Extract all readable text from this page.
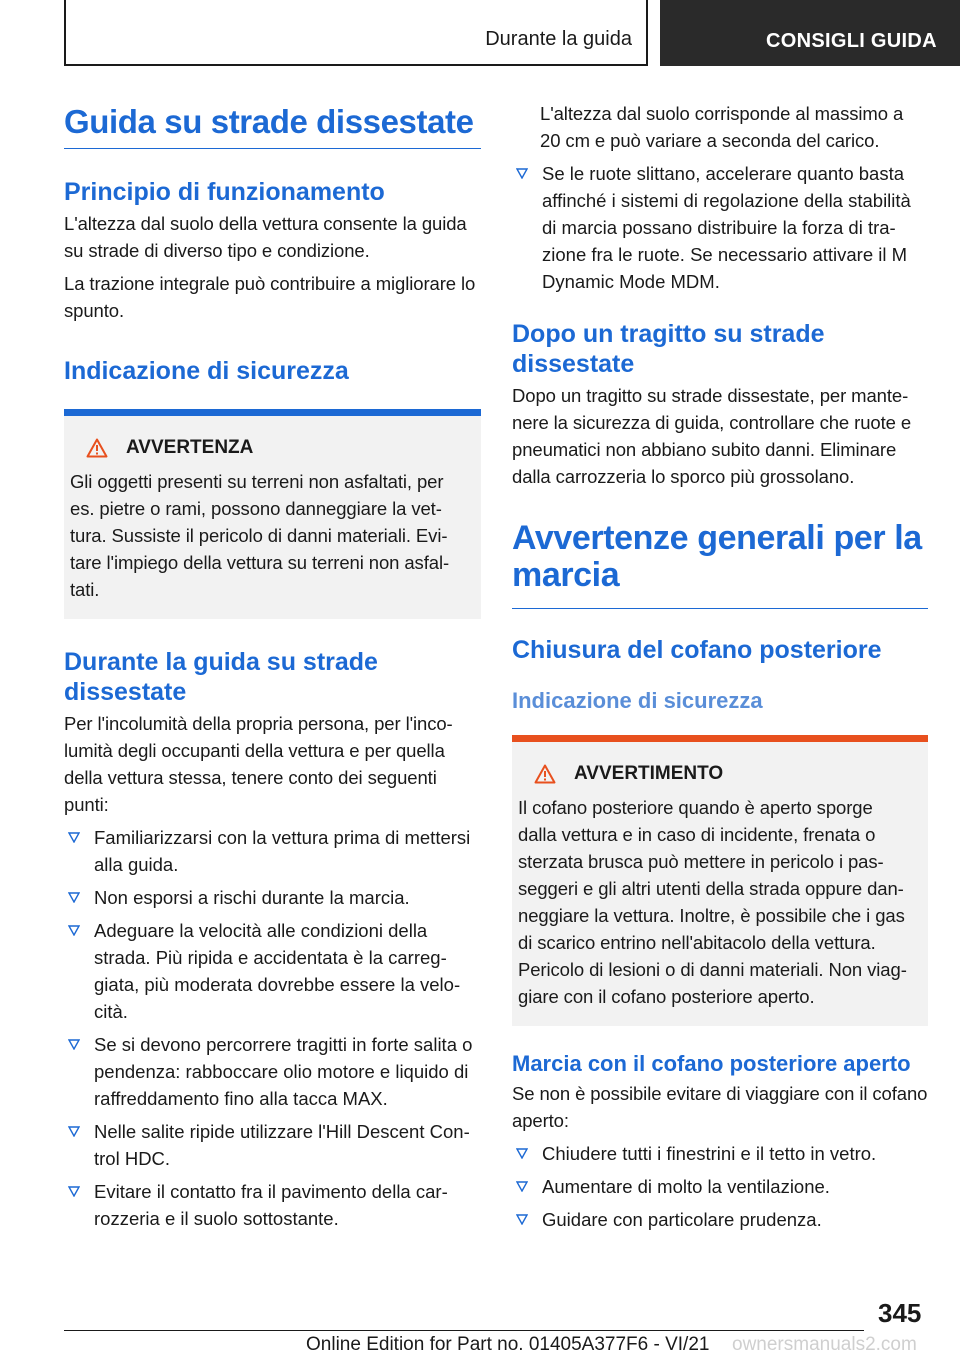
Durante la guida	CONSIGLI GUIDA
Guida su strade dissestate
Principio di funzionamento

L'altezza dal suolo della vettura consente la guida su strade di diverso tipo e condizione.

La trazione integrale può contribuire a migliorare lo spunto.

Indicazione di sicurezza
AVVERTENZA

Gli oggetti presenti su terreni non asfaltati, per es. pietre o rami, possono danneggiare la vettura. Sussiste il pericolo di danni materiali. Evitare l'impiego della vettura su terreni non asfaltati.

Durante la guida su strade dissestate

Per l'incolumità della propria persona, per l'incolumità degli occupanti della vettura e per quella della vettura stessa, tenere conto dei seguenti punti:

Familiarizzarsi con la vettura prima di mettersi alla guida.
Non esporsi a rischi durante la marcia.
Adeguare la velocità alle condizioni della strada. Più ripida e accidentata è la carreggiata, più moderata dovrebbe essere la velocità.
Se si devono percorrere tragitti in forte salita o pendenza: rabboccare olio motore e liquido di raffreddamento fino alla tacca MAX.
Nelle salite ripide utilizzare l'Hill Descent Control HDC.
Evitare il contatto fra il pavimento della carrozzeria e il suolo sottostante.

L'altezza dal suolo corrisponde al massimo a 20 cm e può variare a seconda del carico.

Se le ruote slittano, accelerare quanto basta affinché i sistemi di regolazione della stabilità di marcia possano distribuire la forza di trazione fra le ruote. Se necessario attivare il M Dynamic Mode MDM.
Dopo un tragitto su strade dissestate

Dopo un tragitto su strade dissestate, per mantenere la sicurezza di guida, controllare che ruote e pneumatici non abbiano subito danni. Eliminare dalla carrozzeria lo sporco più grossolano.

Avvertenze generali per la marcia
Chiusura del cofano posteriore
Indicazione di sicurezza
AVVERTIMENTO

Il cofano posteriore quando è aperto sporge dalla vettura e in caso di incidente, frenata o sterzata brusca può mettere in pericolo i passeggeri e gli altri utenti della strada oppure danneggiare la vettura. Inoltre, è possibile che i gas di scarico entrino nell'abitacolo della vettura. Pericolo di lesioni o di danni materiali. Non viaggiare con il cofano posteriore aperto.

Marcia con il cofano posteriore aperto

Se non è possibile evitare di viaggiare con il cofano aperto:

Chiudere tutti i finestrini e il tetto in vetro.
Aumentare di molto la ventilazione.
Guidare con particolare prudenza.
345
Online Edition for Part no. 01405A377F6 - VI/21 ownersmanuals2.com
